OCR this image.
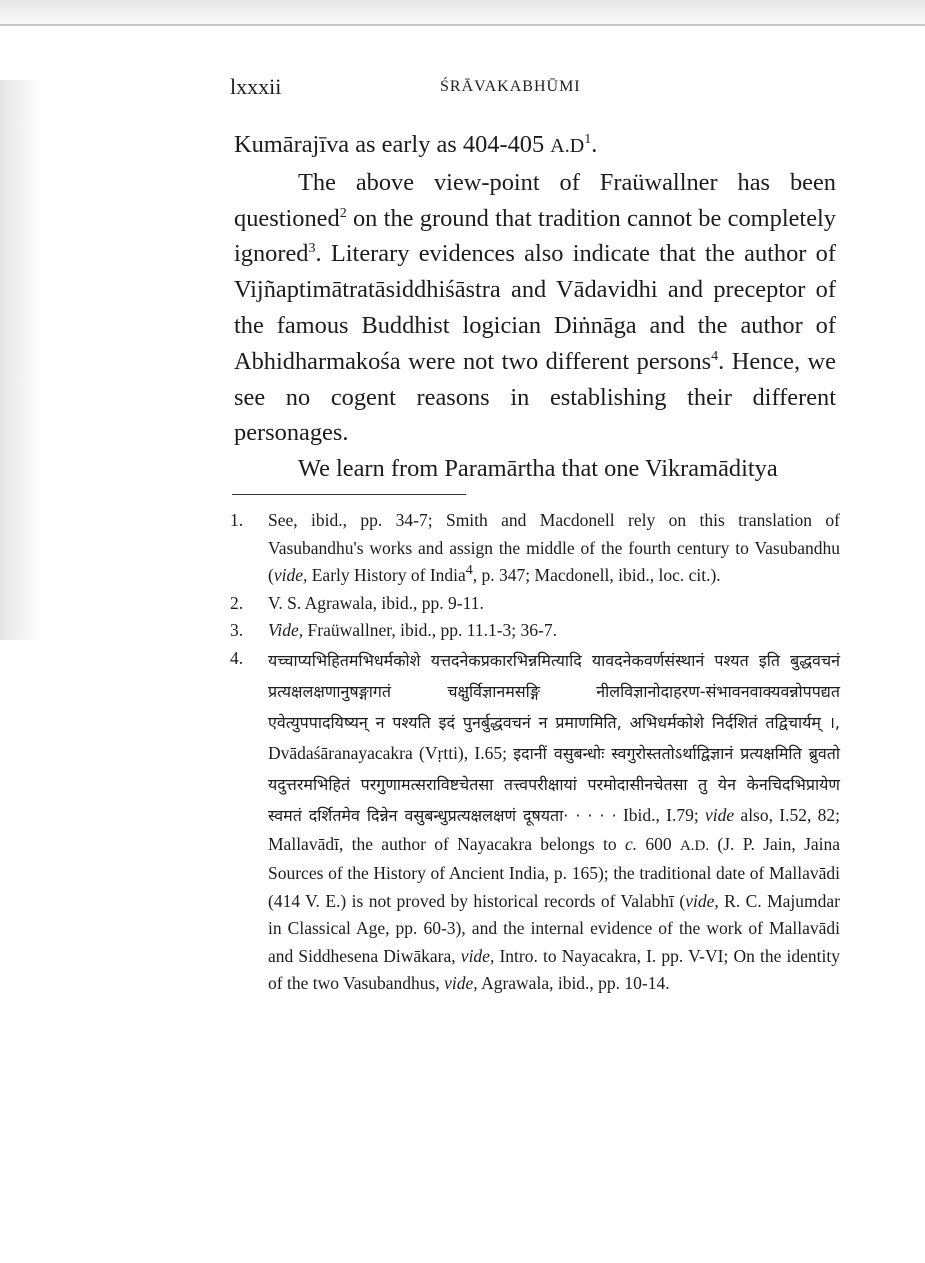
lxxxii	ŚRĀVAKABHŪMI

Kumārajīva as early as 404-405 $A.D^1$.

The above view-point of Fraüwallner has been questioned$^2$ on the ground that tradition cannot be completely ignored$^3$. Literary evidences also indicate that the author of Vijñaptimātratāsiddhiśāstra and Vādavidhi and preceptor of the famous Buddhist logician Diṅnāga and the author of Abhidharmakośa were not two different persons$^4$. Hence, we see no cogent reasons in establishing their different personages.

We learn from Paramārtha that one Vikramāditya

1. See, ibid., pp. 34-7; Smith and Macdonell rely on this translation of Vasubandhu's works and assign the middle of the fourth century to Vasubandhu (vide, Early History of India$^4$, p. 347; Macdonell, ibid., loc. cit.).
2. V. S. Agrawala, ibid., pp. 9-11.
3. Vide, Fraüwallner, ibid., pp. 11.1-3; 36-7.
4. यच्चाप्यभिहितमभिधर्मकोशे यत्तदनेकप्रकारभिन्नमित्यादि यावदनेकवर्णसंस्थानं पश्यत इति बुद्धवचनं प्रत्यक्षलक्षणानुषङ्गागतं चक्षुर्विज्ञानमसङ्गि नीलविज्ञानोदाहरण-संभावनवाक्यवन्नोपपद्यत एवेत्युपपादयिष्यन् न पश्यति इदं पुनर्बुद्धवचनं न प्रमाणमिति, अभिधर्मकोशे निर्दशितं तद्विचार्यम् ।, Dvādaśāranayacakra (Vṛtti), I.65; इदानीं वसुबन्धोः स्वगुरोस्ततोऽर्थाद्विज्ञानं प्रत्यक्षमिति ब्रुवतो यदुत्तरमभिहितं परगुणामत्सराविष्टचेतसा तत्त्वपरीक्षायां परमोदासीनचेतसा तु येन केनचिदभिप्रायेण स्वमतं दर्शितमेव दिन्नेन वसुबन्धुप्रत्यक्षलक्षणं दूषयता· · · · · Ibid., I.79; vide also, I.52, 82; Mallavādī, the author of Nayacakra belongs to c. 600 A.D. (J. P. Jain, Jaina Sources of the History of Ancient India, p. 165); the traditional date of Mallavādi (414 V. E.) is not proved by historical records of Valabhī (vide, R. C. Majumdar in Classical Age, pp. 60-3), and the internal evidence of the work of Mallavādi and Siddhesena Diwākara, vide, Intro. to Nayacakra, I. pp. V-VI; On the identity of the two Vasubandhus, vide, Agrawala, ibid., pp. 10-14.
